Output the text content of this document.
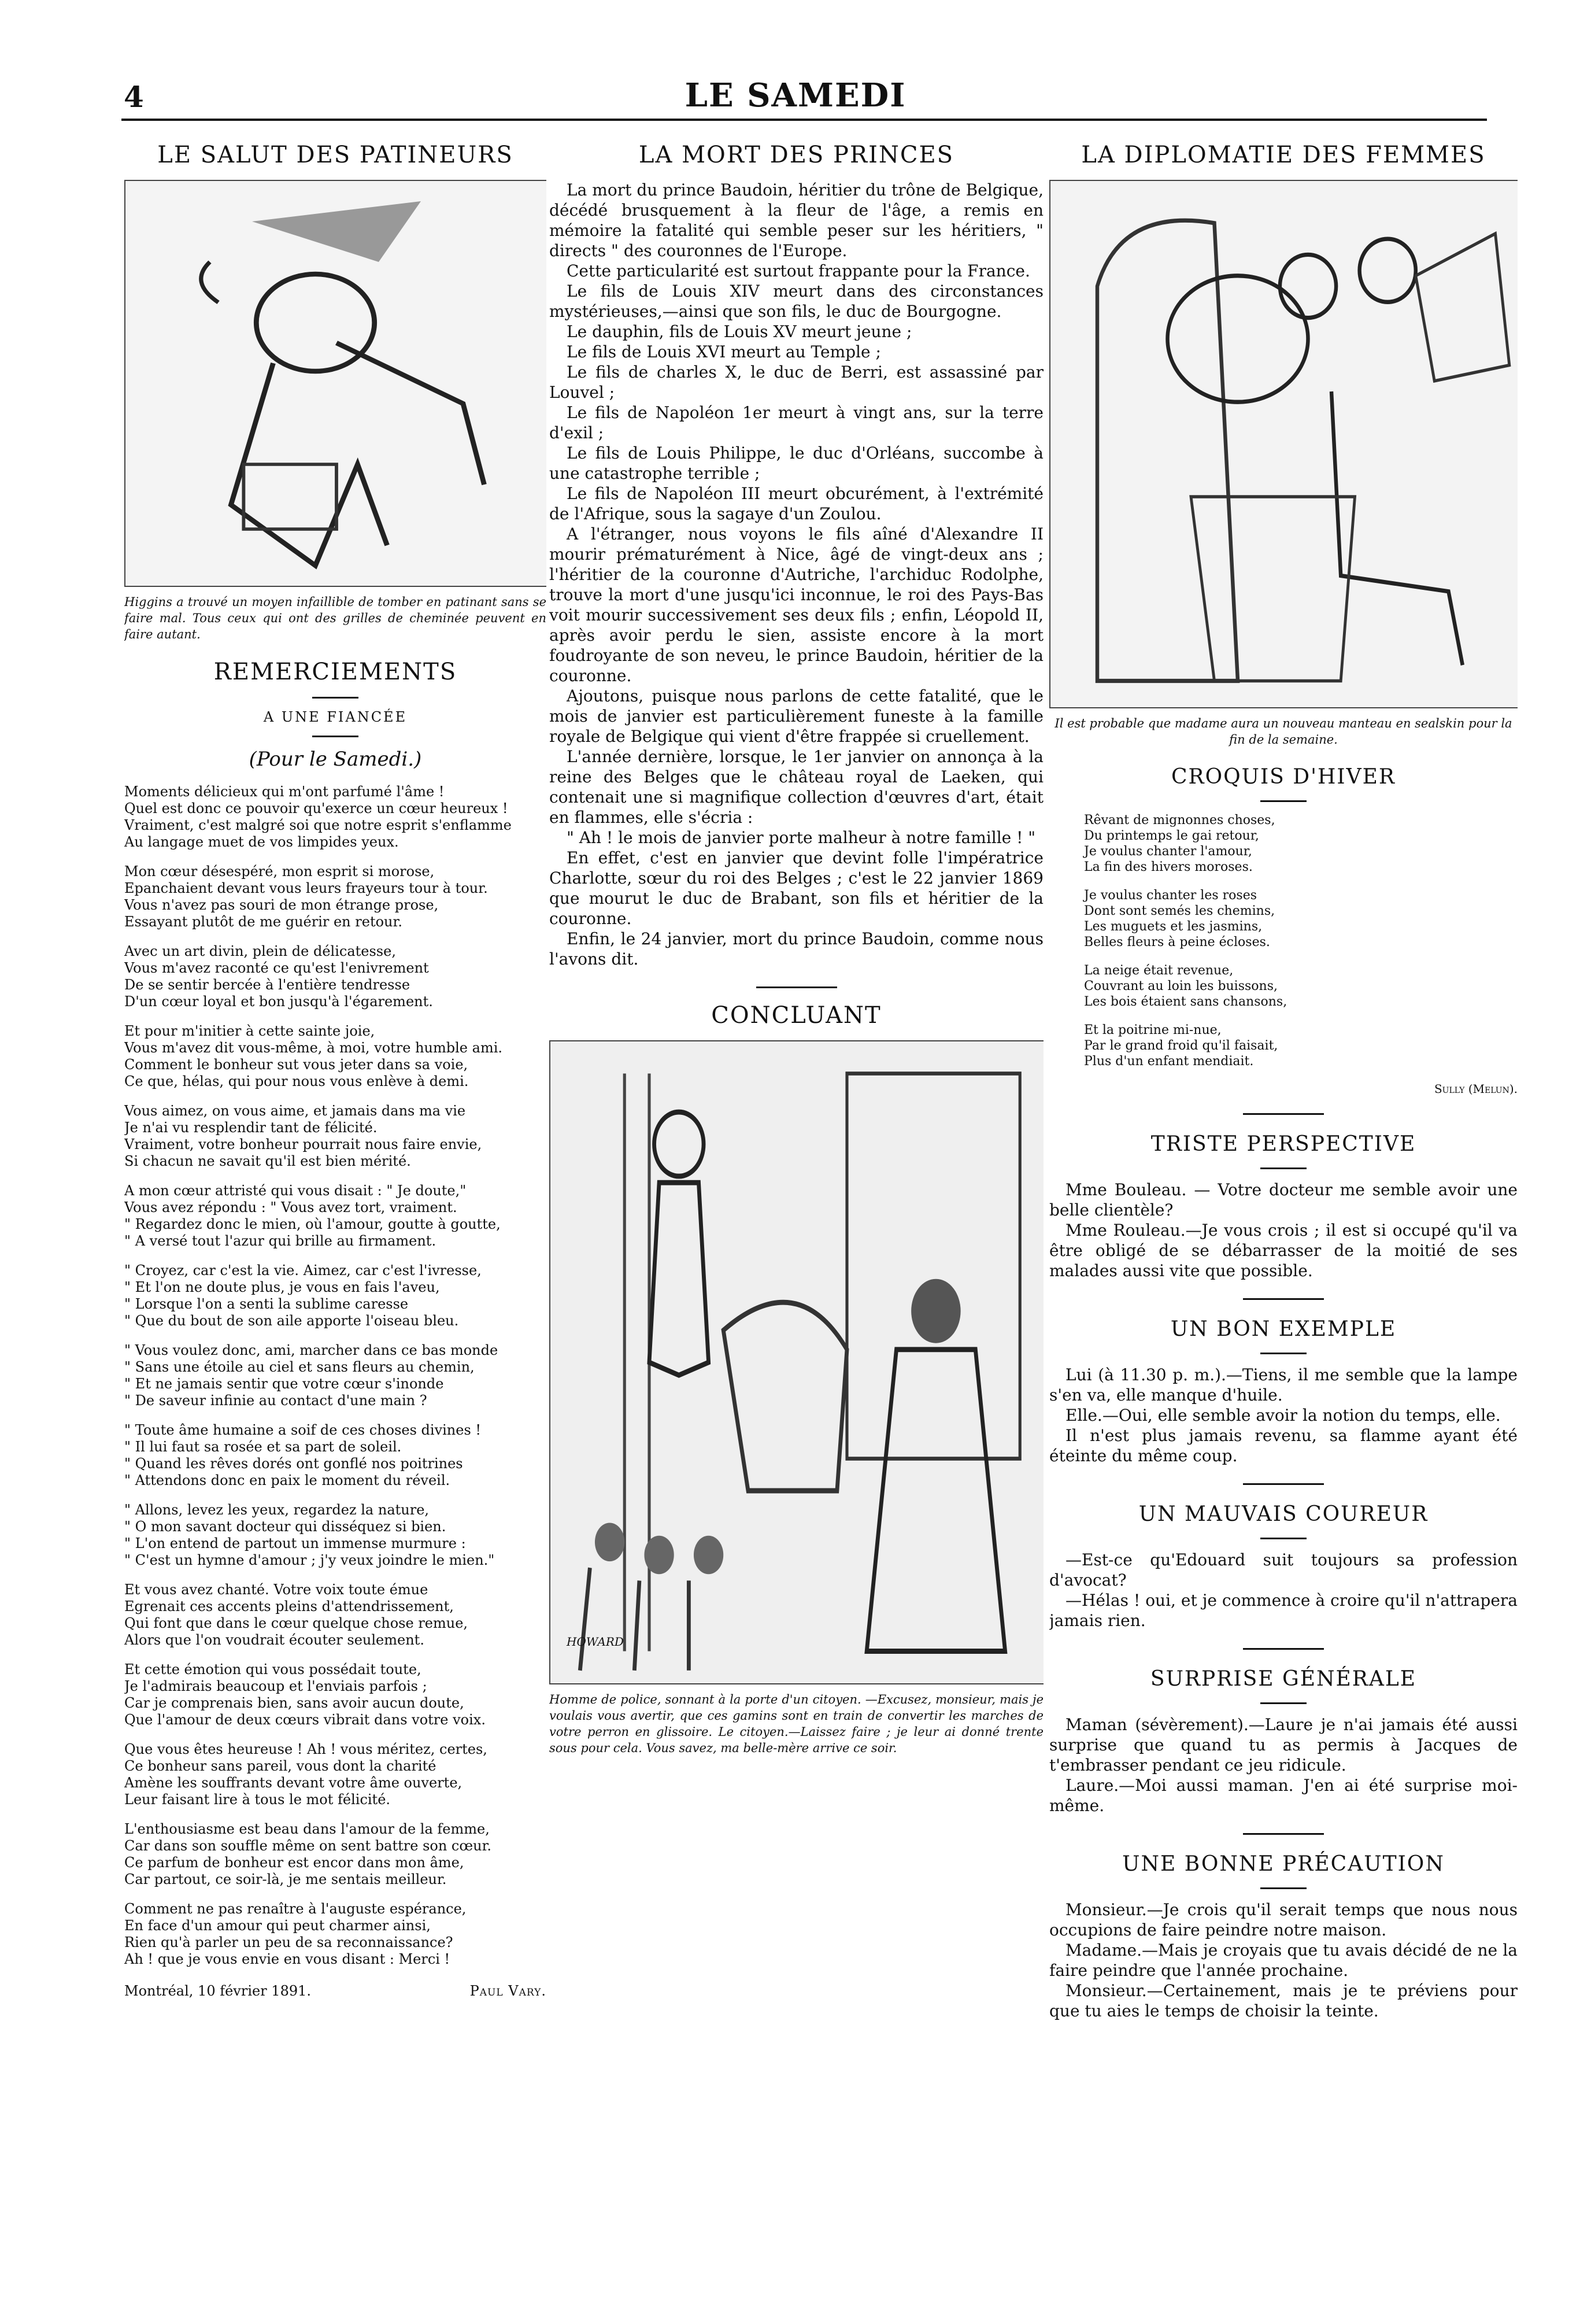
4	LE SAMEDI
LE SALUT DES PATINEURS
Higgins a trouvé un moyen infaillible de tomber en patinant sans se faire mal. Tous ceux qui ont des grilles de cheminée peuvent en faire autant.
REMERCIEMENTS
A UNE FIANCÉE
(Pour le Samedi.)

Moments délicieux qui m'ont parfumé l'âme !

Quel est donc ce pouvoir qu'exerce un cœur heureux !

Vraiment, c'est malgré soi que notre esprit s'enflamme

Au langage muet de vos limpides yeux.

Mon cœur désespéré, mon esprit si morose,

Epanchaient devant vous leurs frayeurs tour à tour.

Vous n'avez pas souri de mon étrange prose,

Essayant plutôt de me guérir en retour.

Avec un art divin, plein de délicatesse,

Vous m'avez raconté ce qu'est l'enivrement

De se sentir bercée à l'entière tendresse

D'un cœur loyal et bon jusqu'à l'égarement.

Et pour m'initier à cette sainte joie,

Vous m'avez dit vous-même, à moi, votre humble ami.

Comment le bonheur sut vous jeter dans sa voie,

Ce que, hélas, qui pour nous vous enlève à demi.

Vous aimez, on vous aime, et jamais dans ma vie

Je n'ai vu resplendir tant de félicité.

Vraiment, votre bonheur pourrait nous faire envie,

Si chacun ne savait qu'il est bien mérité.

A mon cœur attristé qui vous disait : " Je doute,"

Vous avez répondu : " Vous avez tort, vraiment.

" Regardez donc le mien, où l'amour, goutte à goutte,

" A versé tout l'azur qui brille au firmament.

" Croyez, car c'est la vie. Aimez, car c'est l'ivresse,

" Et l'on ne doute plus, je vous en fais l'aveu,

" Lorsque l'on a senti la sublime caresse

" Que du bout de son aile apporte l'oiseau bleu.

" Vous voulez donc, ami, marcher dans ce bas monde

" Sans une étoile au ciel et sans fleurs au chemin,

" Et ne jamais sentir que votre cœur s'inonde

" De saveur infinie au contact d'une main ?

" Toute âme humaine a soif de ces choses divines !

" Il lui faut sa rosée et sa part de soleil.

" Quand les rêves dorés ont gonflé nos poitrines

" Attendons donc en paix le moment du réveil.

" Allons, levez les yeux, regardez la nature,

" O mon savant docteur qui disséquez si bien.

" L'on entend de partout un immense murmure :

" C'est un hymne d'amour ; j'y veux joindre le mien."

Et vous avez chanté. Votre voix toute émue

Egrenait ces accents pleins d'attendrissement,

Qui font que dans le cœur quelque chose remue,

Alors que l'on voudrait écouter seulement.

Et cette émotion qui vous possédait toute,

Je l'admirais beaucoup et l'enviais parfois ;

Car je comprenais bien, sans avoir aucun doute,

Que l'amour de deux cœurs vibrait dans votre voix.

Que vous êtes heureuse ! Ah ! vous méritez, certes,

Ce bonheur sans pareil, vous dont la charité

Amène les souffrants devant votre âme ouverte,

Leur faisant lire à tous le mot félicité.

L'enthousiasme est beau dans l'amour de la femme,

Car dans son souffle même on sent battre son cœur.

Ce parfum de bonheur est encor dans mon âme,

Car partout, ce soir-là, je me sentais meilleur.

Comment ne pas renaître à l'auguste espérance,

En face d'un amour qui peut charmer ainsi,

Rien qu'à parler un peu de sa reconnaissance?

Ah ! que je vous envie en vous disant : Merci !

Montréal, 10 février 1891.	Paul Vary.
LA MORT DES PRINCES

La mort du prince Baudoin, héritier du trône de Belgique, décédé brusquement à la fleur de l'âge, a remis en mémoire la fatalité qui semble peser sur les héritiers, " directs " des couronnes de l'Europe.

Cette particularité est surtout frappante pour la France.

Le fils de Louis XIV meurt dans des circonstances mystérieuses,—ainsi que son fils, le duc de Bourgogne.

Le dauphin, fils de Louis XV meurt jeune ;

Le fils de Louis XVI meurt au Temple ;

Le fils de charles X, le duc de Berri, est assassiné par Louvel ;

Le fils de Napoléon 1er meurt à vingt ans, sur la terre d'exil ;

Le fils de Louis Philippe, le duc d'Orléans, succombe à une catastrophe terrible ;

Le fils de Napoléon III meurt obcurément, à l'extrémité de l'Afrique, sous la sagaye d'un Zoulou.

A l'étranger, nous voyons le fils aîné d'Alexandre II mourir prématurément à Nice, âgé de vingt-deux ans ; l'héritier de la couronne d'Autriche, l'archiduc Rodolphe, trouve la mort d'une jusqu'ici inconnue, le roi des Pays-Bas voit mourir successivement ses deux fils ; enfin, Léopold II, après avoir perdu le sien, assiste encore à la mort foudroyante de son neveu, le prince Baudoin, héritier de la couronne.

Ajoutons, puisque nous parlons de cette fatalité, que le mois de janvier est particulièrement funeste à la famille royale de Belgique qui vient d'être frappée si cruellement.

L'année dernière, lorsque, le 1er janvier on annonça à la reine des Belges que le château royal de Laeken, qui contenait une si magnifique collection d'œuvres d'art, était en flammes, elle s'écria :

" Ah ! le mois de janvier porte malheur à notre famille ! "

En effet, c'est en janvier que devint folle l'impératrice Charlotte, sœur du roi des Belges ; c'est le 22 janvier 1869 que mourut le duc de Brabant, son fils et héritier de la couronne.

Enfin, le 24 janvier, mort du prince Baudoin, comme nous l'avons dit.

CONCLUANT
HOWARD
Homme de police, sonnant à la porte d'un citoyen. —Excusez, monsieur, mais je voulais vous avertir, que ces gamins sont en train de convertir les marches de votre perron en glissoire. Le citoyen.—Laissez faire ; je leur ai donné trente sous pour cela. Vous savez, ma belle-mère arrive ce soir.
LA DIPLOMATIE DES FEMMES
Il est probable que madame aura un nouveau manteau en sealskin pour la fin de la semaine.
CROQUIS D'HIVER

Rêvant de mignonnes choses,

Du printemps le gai retour,

Je voulus chanter l'amour,

La fin des hivers moroses.

Je voulus chanter les roses

Dont sont semés les chemins,

Les muguets et les jasmins,

Belles fleurs à peine écloses.

La neige était revenue,

Couvrant au loin les buissons,

Les bois étaient sans chansons,

Et la poitrine mi-nue,

Par le grand froid qu'il faisait,

Plus d'un enfant mendiait.

Sully (Melun).
TRISTE PERSPECTIVE

Mme Bouleau. — Votre docteur me semble avoir une belle clientèle?

Mme Rouleau.—Je vous crois ; il est si occupé qu'il va être obligé de se débarrasser de la moitié de ses malades aussi vite que possible.

UN BON EXEMPLE

Lui (à 11.30 p. m.).—Tiens, il me semble que la lampe s'en va, elle manque d'huile.

Elle.—Oui, elle semble avoir la notion du temps, elle.

Il n'est plus jamais revenu, sa flamme ayant été éteinte du même coup.

UN MAUVAIS COUREUR

—Est-ce qu'Edouard suit toujours sa profession d'avocat?

—Hélas ! oui, et je commence à croire qu'il n'attrapera jamais rien.

SURPRISE GÉNÉRALE

Maman (sévèrement).—Laure je n'ai jamais été aussi surprise que quand tu as permis à Jacques de t'embrasser pendant ce jeu ridicule.

Laure.—Moi aussi maman. J'en ai été surprise moi-même.

UNE BONNE PRÉCAUTION

Monsieur.—Je crois qu'il serait temps que nous nous occupions de faire peindre notre maison.

Madame.—Mais je croyais que tu avais décidé de ne la faire peindre que l'année prochaine.

Monsieur.—Certainement, mais je te préviens pour que tu aies le temps de choisir la teinte.
